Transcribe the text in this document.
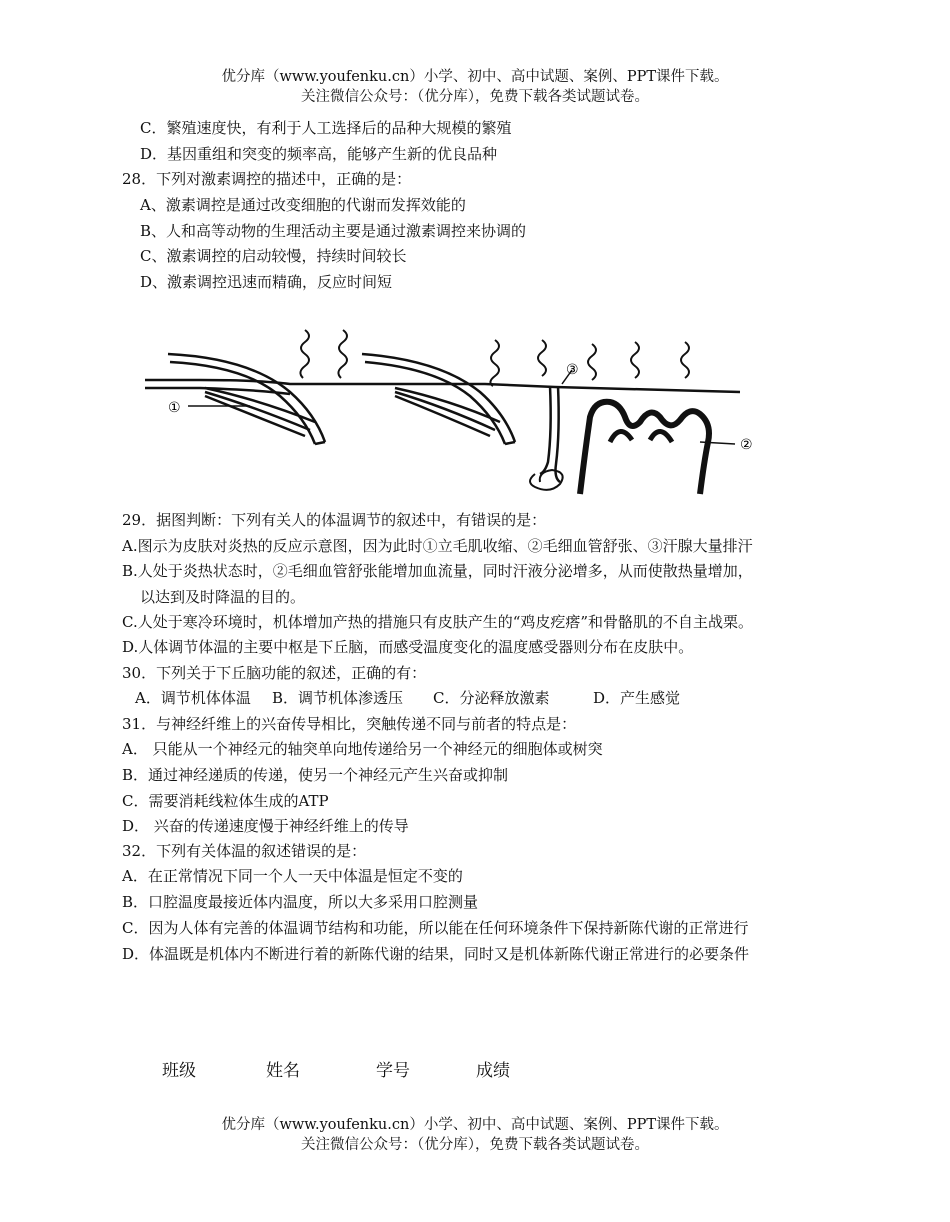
优分库（www.youfenku.cn）小学、初中、高中试题、案例、PPT课件下载。
关注微信公众号：（优分库），免费下载各类试题试卷。
C．繁殖速度快，有利于人工选择后的品种大规模的繁殖
D．基因重组和突变的频率高，能够产生新的优良品种
28．下列对激素调控的描述中，正确的是：
A、激素调控是通过改变细胞的代谢而发挥效能的
B、人和高等动物的生理活动主要是通过激素调控来协调的
C、激素调控的启动较慢，持续时间较长
D、激素调控迅速而精确，反应时间短
①
③
②
29．据图判断：下列有关人的体温调节的叙述中，有错误的是：
A.图示为皮肤对炎热的反应示意图，因为此时①立毛肌收缩、②毛细血管舒张、③汗腺大量排汗
B.人处于炎热状态时，②毛细血管舒张能增加血流量，同时汗液分泌增多，从而使散热量增加，
以达到及时降温的目的。
C.人处于寒冷环境时，机体增加产热的措施只有皮肤产生的“鸡皮疙瘩”和骨骼肌的不自主战栗。
D.人体调节体温的主要中枢是下丘脑，而感受温度变化的温度感受器则分布在皮肤中。
30．下列关于下丘脑功能的叙述，正确的有：
A．调节机体体温 B．调节机体渗透压 C．分泌释放激素	D．产生感觉
31．与神经纤维上的兴奋传导相比，突触传递不同与前者的特点是：
A． 只能从一个神经元的轴突单向地传递给另一个神经元的细胞体或树突
B．通过神经递质的传递，使另一个神经元产生兴奋或抑制
C．需要消耗线粒体生成的ATP
D． 兴奋的传递速度慢于神经纤维上的传导
32．下列有关体温的叙述错误的是：
A．在正常情况下同一个人一天中体温是恒定不变的
B．口腔温度最接近体内温度，所以大多采用口腔测量
C．因为人体有完善的体温调节结构和功能，所以能在任何环境条件下保持新陈代谢的正常进行
D．体温既是机体内不断进行着的新陈代谢的结果，同时又是机体新陈代谢正常进行的必要条件
班级	姓名	学号	成绩
优分库（www.youfenku.cn）小学、初中、高中试题、案例、PPT课件下载。
关注微信公众号：（优分库），免费下载各类试题试卷。
